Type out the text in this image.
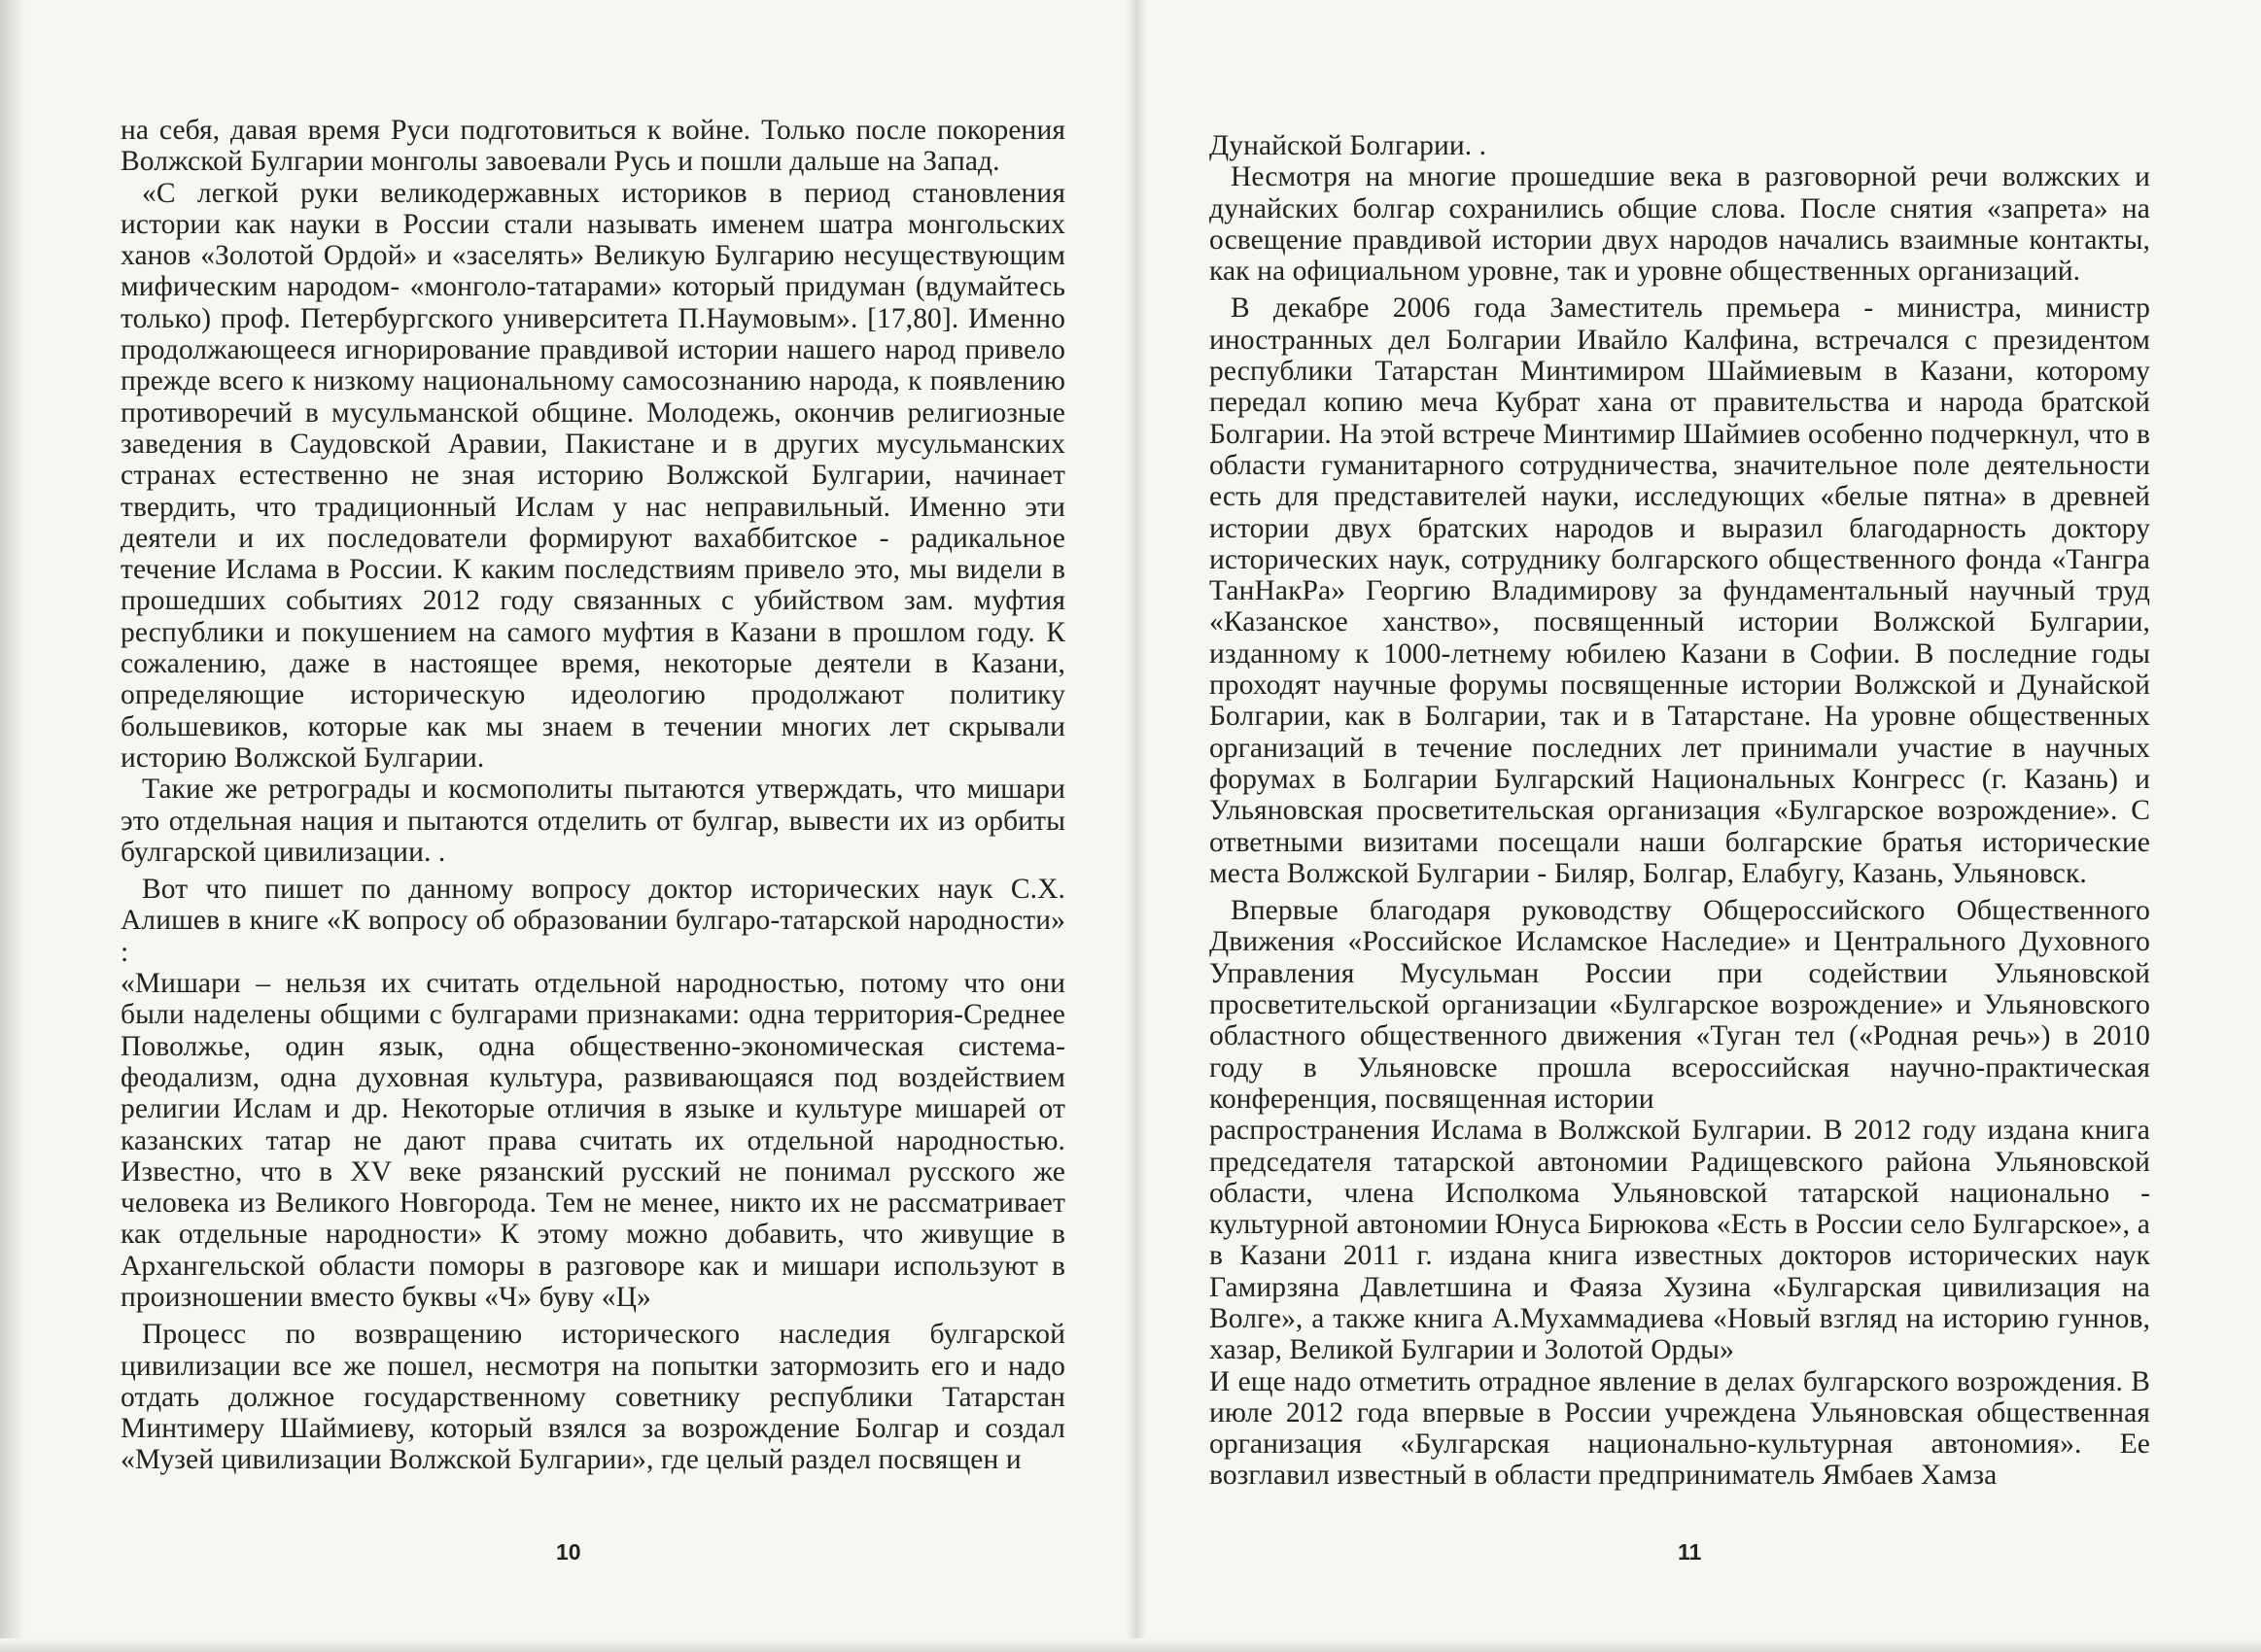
на себя, давая время Руси подготовиться к войне. Только после покорения Волжской Булгарии монголы завоевали Русь и пошли дальше на Запад.

«С легкой руки великодержавных историков в период становления истории как науки в России стали называть именем шатра монгольских ханов «Золотой Ордой» и «заселять» Великую Булгарию несуществующим мифическим народом- «монголо-татарами» который придуман (вдумайтесь только) проф. Петербургского университета П.Наумовым». [17,80]. Именно продолжающееся игнорирование правдивой истории нашего народ привело прежде всего к низкому национальному самосознанию народа, к появлению противоречий в мусульманской общине. Молодежь, окончив религиозные заведения в Саудовской Аравии, Пакистане и в других мусульманских странах естественно не зная историю Волжской Булгарии, начинает твердить, что традиционный Ислам у нас неправильный. Именно эти деятели и их последователи формируют вахаббитское - радикальное течение Ислама в России. К каким последствиям привело это, мы видели в прошедших событиях 2012 году связанных с убийством зам. муфтия республики и покушением на самого муфтия в Казани в прошлом году. К сожалению, даже в настоящее время, некоторые деятели в Казани, определяющие историческую идеологию продолжают политику большевиков, которые как мы знаем в течении многих лет скрывали историю Волжской Булгарии.

Такие же ретрограды и космополиты пытаются утверждать, что мишари это отдельная нация и пытаются отделить от булгар, вывести их из орбиты булгарской цивилизации. .

Вот что пишет по данному вопросу доктор исторических наук С.Х. Алишев в книге «К вопросу об образовании булгаро-татарской народности» :

«Мишари – нельзя их считать отдельной народностью, потому что они были наделены общими с булгарами признаками: одна территория-Среднее Поволжье, один язык, одна общественно-экономическая система-феодализм, одна духовная культура, развивающаяся под воздействием религии Ислам и др. Некоторые отличия в языке и культуре мишарей от казанских татар не дают права считать их отдельной народностью. Известно, что в XV веке рязанский русский не понимал русского же человека из Великого Новгорода. Тем не менее, никто их не рассматривает как отдельные народности» К этому можно добавить, что живущие в Архангельской области поморы в разговоре как и мишари используют в произношении вместо буквы «Ч» буву «Ц»

Процесс по возвращению исторического наследия булгарской цивилизации все же пошел, несмотря на попытки затормозить его и надо отдать должное государственному советнику республики Татарстан Минтимеру Шаймиеву, который взялся за возрождение Болгар и создал «Музей цивилизации Волжской Булгарии», где целый раздел посвящен и

10

Дунайской Болгарии. .

Несмотря на многие прошедшие века в разговорной речи волжских и дунайских болгар сохранились общие слова. После снятия «запрета» на освещение правдивой истории двух народов начались взаимные контакты, как на официальном уровне, так и уровне общественных организаций.

В декабре 2006 года Заместитель премьера - министра, министр иностранных дел Болгарии Ивайло Калфина, встречался с президентом республики Татарстан Минтимиром Шаймиевым в Казани, которому передал копию меча Кубрат хана от правительства и народа братской Болгарии. На этой встрече Минтимир Шаймиев особенно подчеркнул, что в области гуманитарного сотрудничества, значительное поле деятельности есть для представителей науки, исследующих «белые пятна» в древней истории двух братских народов и выразил благодарность доктору исторических наук, сотруднику болгарского общественного фонда «Тангра ТанНакРа» Георгию Владимирову за фундаментальный научный труд «Казанское ханство», посвященный истории Волжской Булгарии, изданному к 1000-летнему юбилею Казани в Софии. В последние годы проходят научные форумы посвященные истории Волжской и Дунайской Болгарии, как в Болгарии, так и в Татарстане. На уровне общественных организаций в течение последних лет принимали участие в научных форумах в Болгарии Булгарский Национальных Конгресс (г. Казань) и Ульяновская просветительская организация «Булгарское возрождение». С ответными визитами посещали наши болгарские братья исторические места Волжской Булгарии - Биляр, Болгар, Елабугу, Казань, Ульяновск.

Впервые благодаря руководству Общероссийского Общественного Движения «Российское Исламское Наследие» и Центрального Духовного Управления Мусульман России при содействии Ульяновской просветительской организации «Булгарское возрождение» и Ульяновского областного общественного движения «Туган тел («Родная речь») в 2010 году в Ульяновске прошла всероссийская научно-практическая конференция, посвященная истории

распространения Ислама в Волжской Булгарии. В 2012 году издана книга председателя татарской автономии Радищевского района Ульяновской области, члена Исполкома Ульяновской татарской национально - культурной автономии Юнуса Бирюкова «Есть в России село Булгарское», а в Казани 2011 г. издана книга известных докторов исторических наук Гамирзяна Давлетшина и Фаяза Хузина «Булгарская цивилизация на Волге», а также книга А.Мухаммадиева «Новый взгляд на историю гуннов, хазар, Великой Булгарии и Золотой Орды»

И еще надо отметить отрадное явление в делах булгарского возрождения. В июле 2012 года впервые в России учреждена Ульяновская общественная организация «Булгарская национально-культурная автономия». Ее возглавил известный в области предприниматель Ямбаев Хамза

11
